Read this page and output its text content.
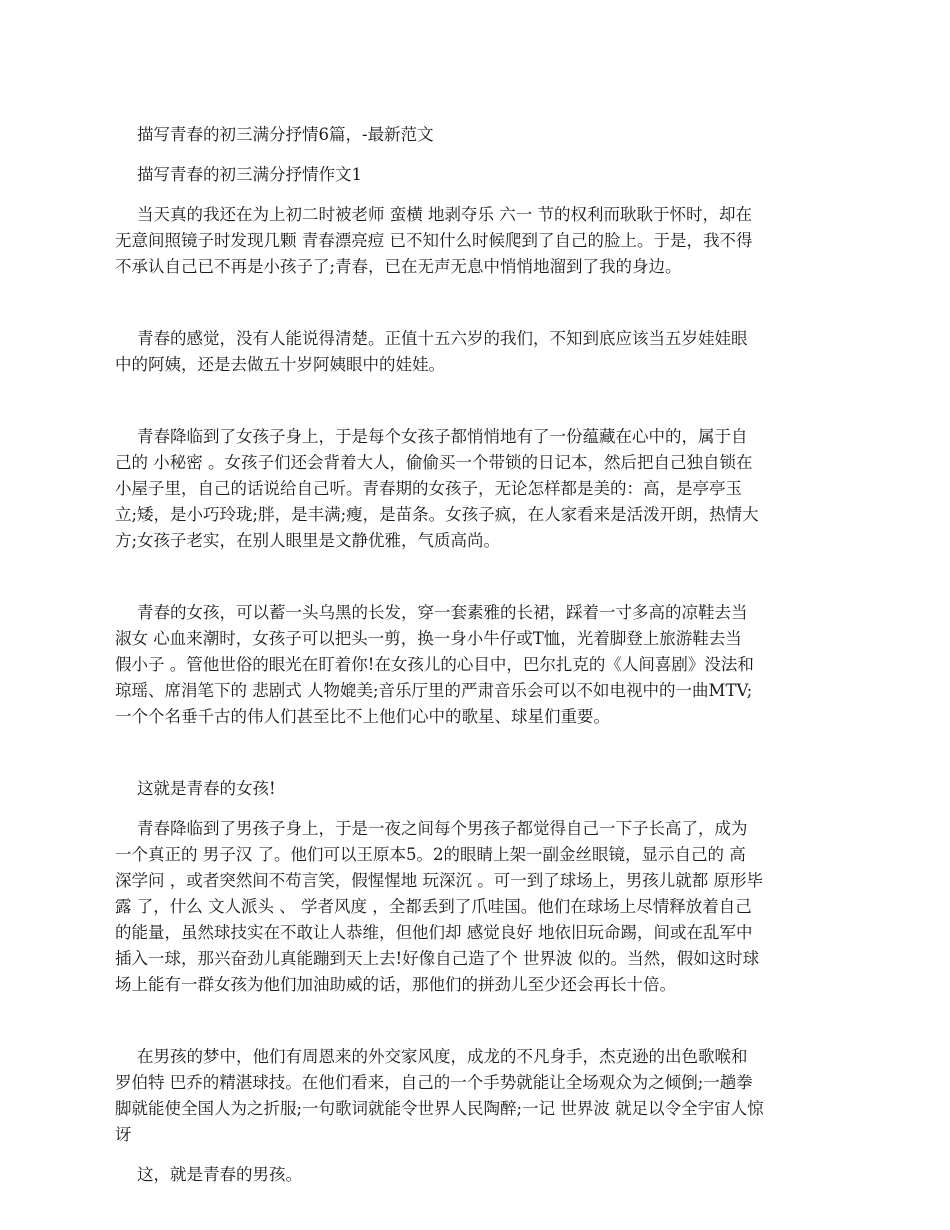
描写青春的初三满分抒情6篇，-最新范文

描写青春的初三满分抒情作文1

当天真的我还在为上初二时被老师 蛮横 地剥夺乐 六一 节的权利而耿耿于怀时，却在
无意间照镜子时发现几颗 青春漂亮痘 已不知什么时候爬到了自己的脸上。于是，我不得
不承认自己已不再是小孩子了;青春，已在无声无息中悄悄地溜到了我的身边。
青春的感觉，没有人能说得清楚。正值十五六岁的我们，不知到底应该当五岁娃娃眼
中的阿姨，还是去做五十岁阿姨眼中的娃娃。
青春降临到了女孩子身上，于是每个女孩子都悄悄地有了一份蕴藏在心中的，属于自
己的 小秘密 。女孩子们还会背着大人，偷偷买一个带锁的日记本，然后把自己独自锁在
小屋子里，自己的话说给自己听。青春期的女孩子，无论怎样都是美的：高，是亭亭玉
立;矮，是小巧玲珑;胖，是丰满;瘦，是苗条。女孩子疯，在人家看来是活泼开朗，热情大
方;女孩子老实，在别人眼里是文静优雅，气质高尚。
青春的女孩，可以蓄一头乌黑的长发，穿一套素雅的长裙，踩着一寸多高的凉鞋去当
淑女 心血来潮时，女孩子可以把头一剪，换一身小牛仔或T恤，光着脚登上旅游鞋去当
假小子 。管他世俗的眼光在盯着你!在女孩儿的心目中，巴尔扎克的《人间喜剧》没法和
琼瑶、席涓笔下的 悲剧式 人物媲美;音乐厅里的严肃音乐会可以不如电视中的一曲MTV;
一个个名垂千古的伟人们甚至比不上他们心中的歌星、球星们重要。
这就是青春的女孩!
青春降临到了男孩子身上，于是一夜之间每个男孩子都觉得自己一下子长高了，成为
一个真正的 男子汉 了。他们可以王原本5。2的眼睛上架一副金丝眼镜，显示自己的 高
深学问 ，或者突然间不苟言笑，假惺惺地 玩深沉 。可一到了球场上，男孩儿就都 原形毕
露 了，什么 文人派头 、 学者风度 ，全都丢到了爪哇国。他们在球场上尽情释放着自己
的能量，虽然球技实在不敢让人恭维，但他们却 感觉良好 地依旧玩命踢，间或在乱军中
插入一球，那兴奋劲儿真能蹦到天上去!好像自己造了个 世界波 似的。当然，假如这时球
场上能有一群女孩为他们加油助威的话，那他们的拼劲儿至少还会再长十倍。
在男孩的梦中，他们有周恩来的外交家风度，成龙的不凡身手，杰克逊的出色歌喉和
罗伯特 巴乔的精湛球技。在他们看来，自己的一个手势就能让全场观众为之倾倒;一趟拳
脚就能使全国人为之折服;一句歌词就能令世界人民陶醉;一记 世界波 就足以令全宇宙人惊
讶
这，就是青春的男孩。
